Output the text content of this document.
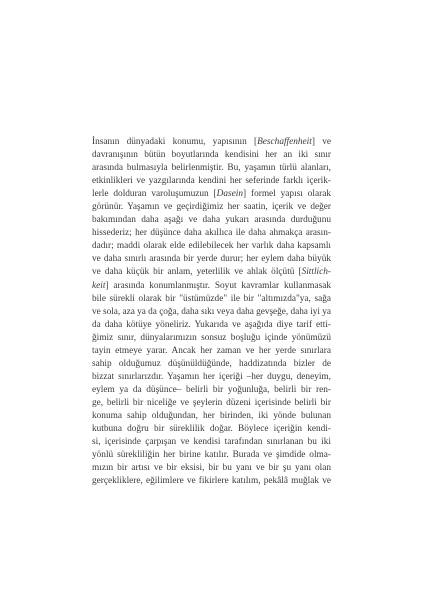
İnsanın dünyadaki konumu, yapısının [Beschaffenheit] ve
davranışının bütün boyutlarında kendisini her an iki sınır
arasında bulmasıyla belirlenmiştir. Bu, yaşamın türlü alanları,
etkinlikleri ve yazgılarında kendini her seferinde farklı içerik-
lerle dolduran varoluşumuzun [Dasein] formel yapısı olarak
görünür. Yaşamın ve geçirdiğimiz her saatin, içerik ve değer
bakımından daha aşağı ve daha yukarı arasında durduğunu
hissederiz; her düşünce daha akıllıca ile daha ahmakça arasın-
dadır; maddi olarak elde edilebilecek her varlık daha kapsamlı
ve daha sınırlı arasında bir yerde durur; her eylem daha büyük
ve daha küçük bir anlam, yeterlilik ve ahlak ölçütü [Sittlich-
keit] arasında konumlanmıştır. Soyut kavramlar kullanmasak
bile sürekli olarak bir "üstümüzde" ile bir "altımızda"ya, sağa
ve sola, aza ya da çoğa, daha sıkı veya daha gevşeğe, daha iyi ya
da daha kötüye yöneliriz. Yukarıda ve aşağıda diye tarif etti-
ğimiz sınır, dünyalarımızın sonsuz boşluğu içinde yönümüzü
tayin etmeye yarar. Ancak her zaman ve her yerde sınırlara
sahip olduğumuz düşünüldüğünde, haddizatında bizler de
bizzat sınırlarızdır. Yaşamın her içeriği –her duygu, deneyim,
eylem ya da düşünce– belirli bir yoğunluğa, belirli bir ren-
ge, belirli bir niceliğe ve şeylerin düzeni içerisinde belirli bir
konuma sahip olduğundan, her birinden, iki yönde bulunan
kutbuna doğru bir süreklilik doğar. Böylece içeriğin kendi-
si, içerisinde çarpışan ve kendisi tarafından sınırlanan bu iki
yönlü sürekliliğin her birine katılır. Burada ve şimdide olma-
mızın bir artısı ve bir eksisi, bir bu yanı ve bir şu yanı olan
gerçekliklere, eğilimlere ve fikirlere katılım, pekâlâ muğlak ve
